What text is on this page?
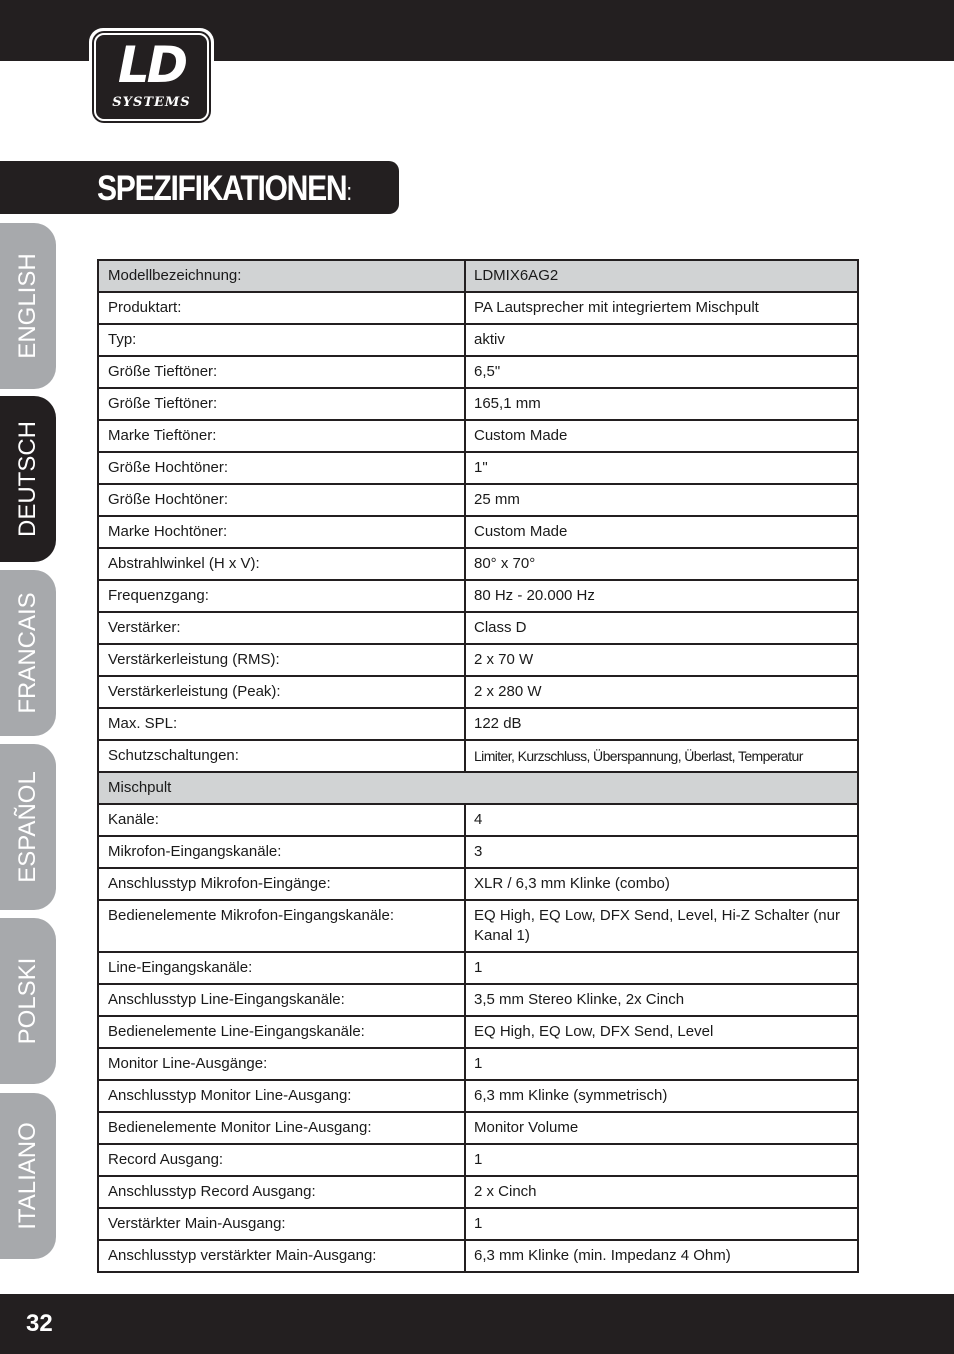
LD
SYSTEMS
SPEZIFIKATIONEN:
ENGLISH
DEUTSCH
FRANCAIS
ESPAÑOL
POLSKI
ITALIANO
Modellbezeichnung:	LDMIX6AG2
Produktart:	PA Lautsprecher mit integriertem Mischpult
Typ:	aktiv
Größe Tieftöner:	6,5"
Größe Tieftöner:	165,1 mm
Marke Tieftöner:	Custom Made
Größe Hochtöner:	1"
Größe Hochtöner:	25 mm
Marke Hochtöner:	Custom Made
Abstrahlwinkel (H x V):	80° x 70°
Frequenzgang:	80 Hz - 20.000 Hz
Verstärker:	Class D
Verstärkerleistung (RMS):	2 x 70 W
Verstärkerleistung (Peak):	2 x 280 W
Max. SPL:	122 dB
Schutzschaltungen:	Limiter, Kurzschluss, Überspannung, Überlast, Temperatur
Mischpult	
Kanäle:	4
Mikrofon-Eingangskanäle:	3
Anschlusstyp Mikrofon-Eingänge:	XLR / 6,3 mm Klinke (combo)
Bedienelemente Mikrofon-Eingangskanäle:	EQ High, EQ Low, DFX Send, Level, Hi-Z Schalter (nur Kanal 1)
Line-Eingangskanäle:	1
Anschlusstyp Line-Eingangskanäle:	3,5 mm Stereo Klinke, 2x Cinch
Bedienelemente Line-Eingangskanäle:	EQ High, EQ Low, DFX Send, Level
Monitor Line-Ausgänge:	1
Anschlusstyp Monitor Line-Ausgang:	6,3 mm Klinke (symmetrisch)
Bedienelemente Monitor Line-Ausgang:	Monitor Volume
Record Ausgang:	1
Anschlusstyp Record Ausgang:	2 x Cinch
Verstärkter Main-Ausgang:	1
Anschlusstyp verstärkter Main-Ausgang:	6,3 mm Klinke (min. Impedanz 4 Ohm)
32
